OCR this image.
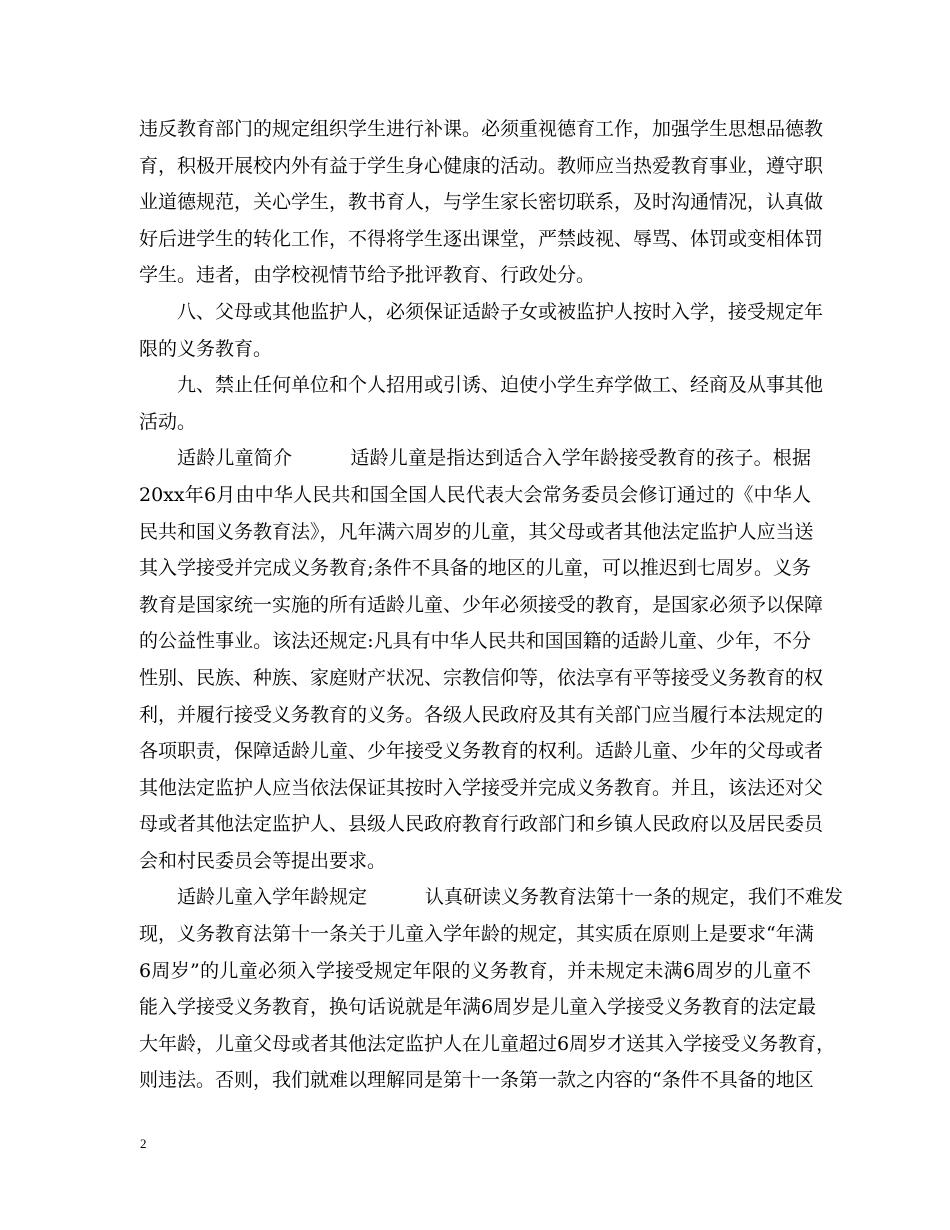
违反教育部门的规定组织学生进行补课。必须重视德育工作，加强学生思想品德教
育，积极开展校内外有益于学生身心健康的活动。教师应当热爱教育事业，遵守职
业道德规范，关心学生，教书育人，与学生家长密切联系，及时沟通情况，认真做
好后进学生的转化工作，不得将学生逐出课堂，严禁歧视、辱骂、体罚或变相体罚
学生。违者，由学校视情节给予批评教育、行政处分。
八、父母或其他监护人，必须保证适龄子女或被监护人按时入学，接受规定年
限的义务教育。
九、禁止任何单位和个人招用或引诱、迫使小学生弃学做工、经商及从事其他
活动。
适龄儿童简介	适龄儿童是指达到适合入学年龄接受教育的孩子。根据
20xx年6月由中华人民共和国全国人民代表大会常务委员会修订通过的《中华人
民共和国义务教育法》，凡年满六周岁的儿童，其父母或者其他法定监护人应当送
其入学接受并完成义务教育;条件不具备的地区的儿童，可以推迟到七周岁。义务
教育是国家统一实施的所有适龄儿童、少年必须接受的教育，是国家必须予以保障
的公益性事业。该法还规定:凡具有中华人民共和国国籍的适龄儿童、少年，不分
性别、民族、种族、家庭财产状况、宗教信仰等，依法享有平等接受义务教育的权
利，并履行接受义务教育的义务。各级人民政府及其有关部门应当履行本法规定的
各项职责，保障适龄儿童、少年接受义务教育的权利。适龄儿童、少年的父母或者
其他法定监护人应当依法保证其按时入学接受并完成义务教育。并且，该法还对父
母或者其他法定监护人、县级人民政府教育行政部门和乡镇人民政府以及居民委员
会和村民委员会等提出要求。
适龄儿童入学年龄规定	认真研读义务教育法第十一条的规定，我们不难发
现，义务教育法第十一条关于儿童入学年龄的规定，其实质在原则上是要求“年满
6周岁”的儿童必须入学接受规定年限的义务教育，并未规定未满6周岁的儿童不
能入学接受义务教育，换句话说就是年满6周岁是儿童入学接受义务教育的法定最
大年龄，儿童父母或者其他法定监护人在儿童超过6周岁才送其入学接受义务教育，
则违法。否则，我们就难以理解同是第十一条第一款之内容的“条件不具备的地区
2
